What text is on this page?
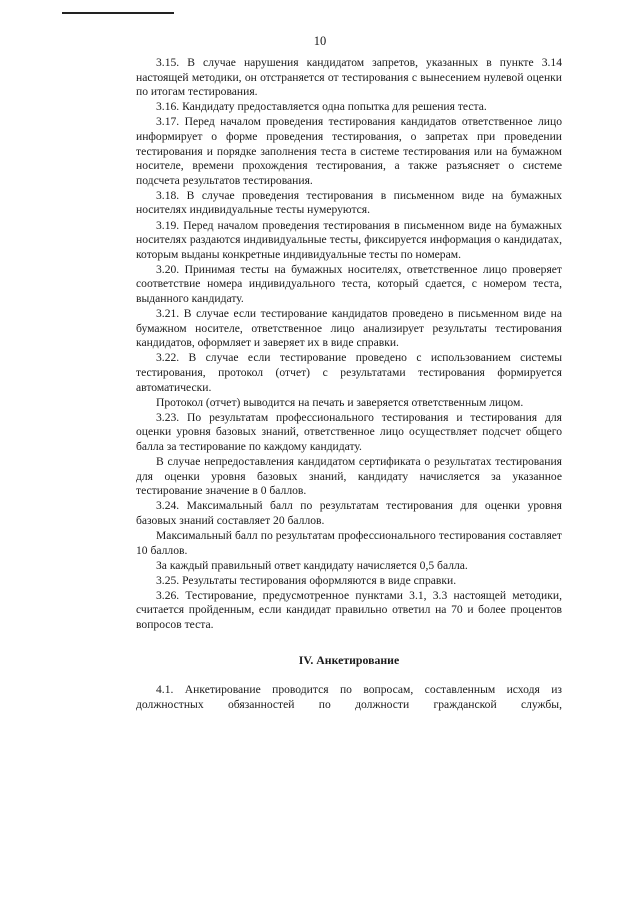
10

3.15. В случае нарушения кандидатом запретов, указанных в пункте 3.14 настоящей методики, он отстраняется от тестирования с вынесением нулевой оценки по итогам тестирования.

3.16. Кандидату предоставляется одна попытка для решения теста.

3.17. Перед началом проведения тестирования кандидатов ответственное лицо информирует о форме проведения тестирования, о запретах при проведении тестирования и порядке заполнения теста в системе тестирования или на бумажном носителе, времени прохождения тестирования, а также разъясняет о системе подсчета результатов тестирования.

3.18. В случае проведения тестирования в письменном виде на бумажных носителях индивидуальные тесты нумеруются.

3.19. Перед началом проведения тестирования в письменном виде на бумажных носителях раздаются индивидуальные тесты, фиксируется информация о кандидатах, которым выданы конкретные индивидуальные тесты по номерам.

3.20. Принимая тесты на бумажных носителях, ответственное лицо проверяет соответствие номера индивидуального теста, который сдается, с номером теста, выданного кандидату.

3.21. В случае если тестирование кандидатов проведено в письменном виде на бумажном носителе, ответственное лицо анализирует результаты тестирования кандидатов, оформляет и заверяет их в виде справки.

3.22. В случае если тестирование проведено с использованием системы тестирования, протокол (отчет) с результатами тестирования формируется автоматически.

Протокол (отчет) выводится на печать и заверяется ответственным лицом.

3.23. По результатам профессионального тестирования и тестирования для оценки уровня базовых знаний, ответственное лицо осуществляет подсчет общего балла за тестирование по каждому кандидату.

В случае непредоставления кандидатом сертификата о результатах тестирования для оценки уровня базовых знаний, кандидату начисляется за указанное тестирование значение в 0 баллов.

3.24. Максимальный балл по результатам тестирования для оценки уровня базовых знаний составляет 20 баллов.

Максимальный балл по результатам профессионального тестирования составляет 10 баллов.

За каждый правильный ответ кандидату начисляется 0,5 балла.

3.25. Результаты тестирования оформляются в виде справки.

3.26. Тестирование, предусмотренное пунктами 3.1, 3.3 настоящей методики, считается пройденным, если кандидат правильно ответил на 70 и более процентов вопросов теста.

IV. Анкетирование

4.1. Анкетирование проводится по вопросам, составленным исходя из должностных обязанностей по должности гражданской службы,
